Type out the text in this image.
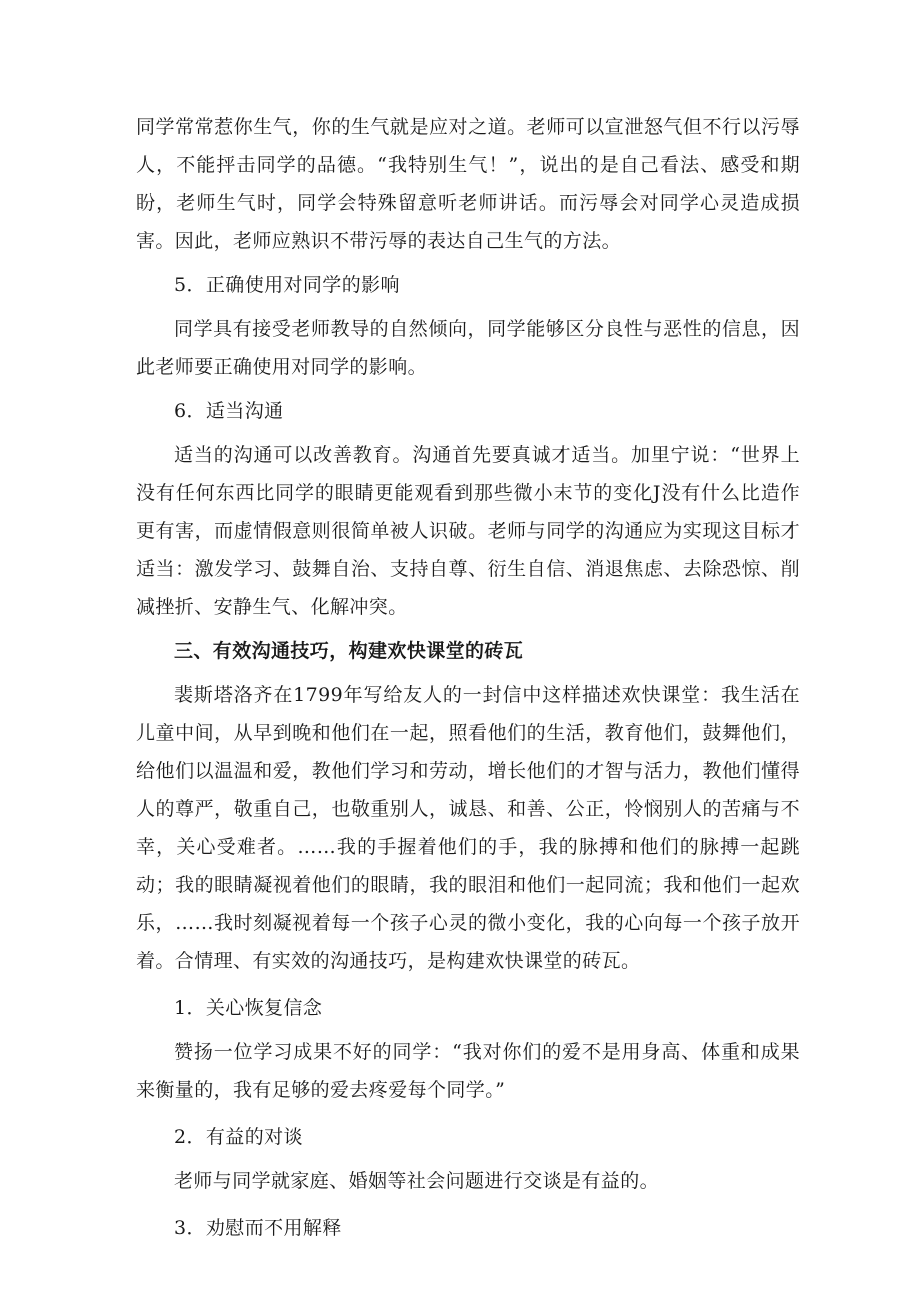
同学常常惹你生气，你的生气就是应对之道。老师可以宣泄怒气但不行以污辱人，不能抨击同学的品德。“我特别生气！”，说出的是自己看法、感受和期盼，老师生气时，同学会特殊留意听老师讲话。而污辱会对同学心灵造成损害。因此，老师应熟识不带污辱的表达自己生气的方法。

5．正确使用对同学的影响

同学具有接受老师教导的自然倾向，同学能够区分良性与恶性的信息，因此老师要正确使用对同学的影响。

6．适当沟通

适当的沟通可以改善教育。沟通首先要真诚才适当。加里宁说：“世界上没有任何东西比同学的眼睛更能观看到那些微小末节的变化J没有什么比造作更有害，而虚情假意则很简单被人识破。老师与同学的沟通应为实现这目标才适当：激发学习、鼓舞自治、支持自尊、衍生自信、消退焦虑、去除恐惊、削减挫折、安静生气、化解冲突。

三、有效沟通技巧，构建欢快课堂的砖瓦

裴斯塔洛齐在1799年写给友人的一封信中这样描述欢快课堂：我生活在儿童中间，从早到晚和他们在一起，照看他们的生活，教育他们，鼓舞他们，给他们以温温和爱，教他们学习和劳动，增长他们的才智与活力，教他们懂得人的尊严，敬重自己，也敬重别人，诚恳、和善、公正，怜悯别人的苦痛与不幸，关心受难者。……我的手握着他们的手，我的脉搏和他们的脉搏一起跳动；我的眼睛凝视着他们的眼睛，我的眼泪和他们一起同流；我和他们一起欢乐，……我时刻凝视着每一个孩子心灵的微小变化，我的心向每一个孩子放开着。合情理、有实效的沟通技巧，是构建欢快课堂的砖瓦。

1．关心恢复信念

赞扬一位学习成果不好的同学：“我对你们的爱不是用身高、体重和成果来衡量的，我有足够的爱去疼爱每个同学。”

2．有益的对谈

老师与同学就家庭、婚姻等社会问题进行交谈是有益的。

3．劝慰而不用解释
